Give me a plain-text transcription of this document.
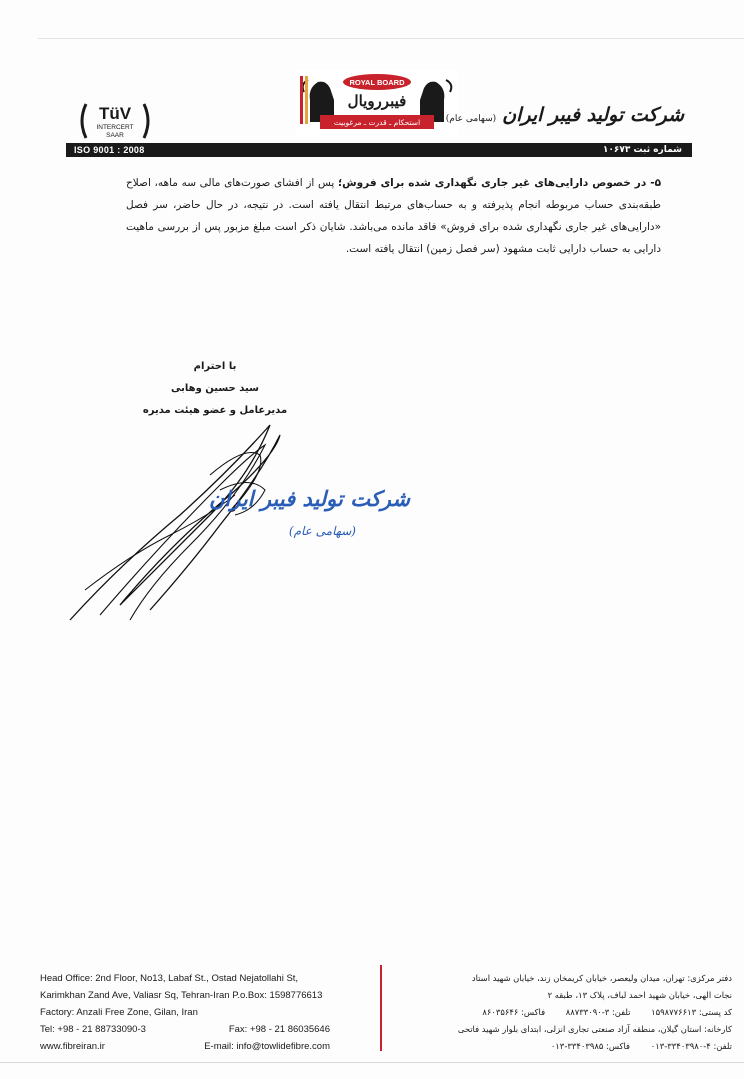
TüV
INTERCERT
SAAR
ROYAL BOARD
فیبررویال
استحکام ـ قدرت ـ مرغوبیت	شرکت تولید فیبر ایران(سهامی عام)
ISO 9001 : 2008	شماره ثبت ۱۰۶۷۳
۵- در خصوص دارایی‌های غیر جاری نگهداری شده برای فروش؛ پس از افشای صورت‌های مالی سه ماهه، اصلاح طبقه‌بندی حساب مربوطه انجام پذیرفته و به حساب‌های مرتبط انتقال یافته است. در نتیجه، در حال حاضر، سر فصل «دارایی‌های غیر جاری نگهداری شده برای فروش» فاقد مانده می‌باشد. شایان ذکر است مبلغ مزبور پس از بررسی ماهیت دارایی به حساب دارایی ثابت مشهود (سر فصل زمین) انتقال یافته است.
با احترام
سید حسین وهابی
مدیرعامل و عضو هیئت مدیره
شرکت تولید فیبر ایران
(سهامی عام)
Head Office: 2nd Floor, No13, Labaf St., Ostad Nejatollahi St,
Karimkhan Zand Ave, Valiasr Sq, Tehran-Iran P.o.Box: 1598776613
Factory: Anzali Free Zone, Gilan, Iran
Tel: +98 - 21 88733090-3	Fax: +98 - 21 86035646
www.fibreiran.ir	E-mail: info@towlidefibre.com
دفتر مرکزی: تهران، میدان ولیعصر، خیابان کریمخان زند، خیابان شهید استاد
نجات الهی، خیابان شهید احمد لباف، پلاک ۱۳، طبقه ۲
کد پستی: ۱۵۹۸۷۷۶۶۱۳ تلفن: ۳-۸۸۷۳۳۰۹۰ فاکس: ۸۶۰۳۵۶۴۶
کارخانه: استان گیلان، منطقه آزاد صنعتی تجاری انزلی، ابتدای بلوار شهید فاتحی
تلفن: ۴-۳۳۴۰۳۹۸۰-۰۱۳ فاکس: ۳۳۴۰۳۹۸۵-۰۱۳
